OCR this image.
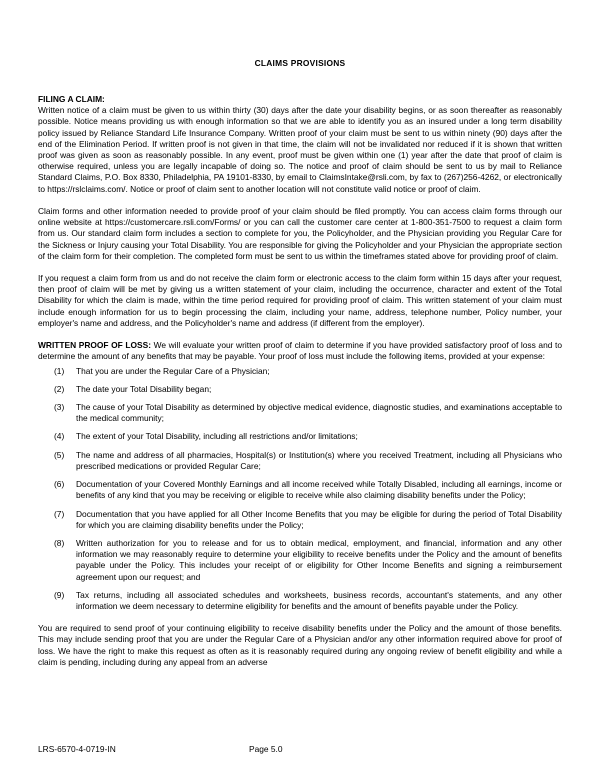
CLAIMS PROVISIONS
FILING A CLAIM:

Written notice of a claim must be given to us within thirty (30) days after the date your disability begins, or as soon thereafter as reasonably possible. Notice means providing us with enough information so that we are able to identify you as an insured under a long term disability policy issued by Reliance Standard Life Insurance Company. Written proof of your claim must be sent to us within ninety (90) days after the end of the Elimination Period. If written proof is not given in that time, the claim will not be invalidated nor reduced if it is shown that written proof was given as soon as reasonably possible. In any event, proof must be given within one (1) year after the date that proof of claim is otherwise required, unless you are legally incapable of doing so. The notice and proof of claim should be sent to us by mail to Reliance Standard Claims, P.O. Box 8330, Philadelphia, PA 19101-8330, by email to ClaimsIntake@rsli.com, by fax to (267)256-4262, or electronically to https://rslclaims.com/. Notice or proof of claim sent to another location will not constitute valid notice or proof of claim.

Claim forms and other information needed to provide proof of your claim should be filed promptly. You can access claim forms through our online website at https://customercare.rsli.com/Forms/ or you can call the customer care center at 1-800-351-7500 to request a claim form from us. Our standard claim form includes a section to complete for you, the Policyholder, and the Physician providing you Regular Care for the Sickness or Injury causing your Total Disability. You are responsible for giving the Policyholder and your Physician the appropriate section of the claim form for their completion. The completed form must be sent to us within the timeframes stated above for providing proof of claim.

If you request a claim form from us and do not receive the claim form or electronic access to the claim form within 15 days after your request, then proof of claim will be met by giving us a written statement of your claim, including the occurrence, character and extent of the Total Disability for which the claim is made, within the time period required for providing proof of claim. This written statement of your claim must include enough information for us to begin processing the claim, including your name, address, telephone number, Policy number, your employer's name and address, and the Policyholder's name and address (if different from the employer).

WRITTEN PROOF OF LOSS: We will evaluate your written proof of claim to determine if you have provided satisfactory proof of loss and to determine the amount of any benefits that may be payable. Your proof of loss must include the following items, provided at your expense:

(1)	That you are under the Regular Care of a Physician;
(2)	The date your Total Disability began;
(3)	The cause of your Total Disability as determined by objective medical evidence, diagnostic studies, and examinations acceptable to the medical community;
(4)	The extent of your Total Disability, including all restrictions and/or limitations;
(5)	The name and address of all pharmacies, Hospital(s) or Institution(s) where you received Treatment, including all Physicians who prescribed medications or provided Regular Care;
(6)	Documentation of your Covered Monthly Earnings and all income received while Totally Disabled, including all earnings, income or benefits of any kind that you may be receiving or eligible to receive while also claiming disability benefits under the Policy;
(7)	Documentation that you have applied for all Other Income Benefits that you may be eligible for during the period of Total Disability for which you are claiming disability benefits under the Policy;
(8)	Written authorization for you to release and for us to obtain medical, employment, and financial, information and any other information we may reasonably require to determine your eligibility to receive benefits under the Policy and the amount of benefits payable under the Policy. This includes your receipt of or eligibility for Other Income Benefits and signing a reimbursement agreement upon our request; and
(9)	Tax returns, including all associated schedules and worksheets, business records, accountant's statements, and any other information we deem necessary to determine eligibility for benefits and the amount of benefits payable under the Policy.

You are required to send proof of your continuing eligibility to receive disability benefits under the Policy and the amount of those benefits. This may include sending proof that you are under the Regular Care of a Physician and/or any other information required above for proof of loss. We have the right to make this request as often as it is reasonably required during any ongoing review of benefit eligibility and while a claim is pending, including during any appeal from an adverse

LRS-6570-4-0719-IN	Page 5.0
